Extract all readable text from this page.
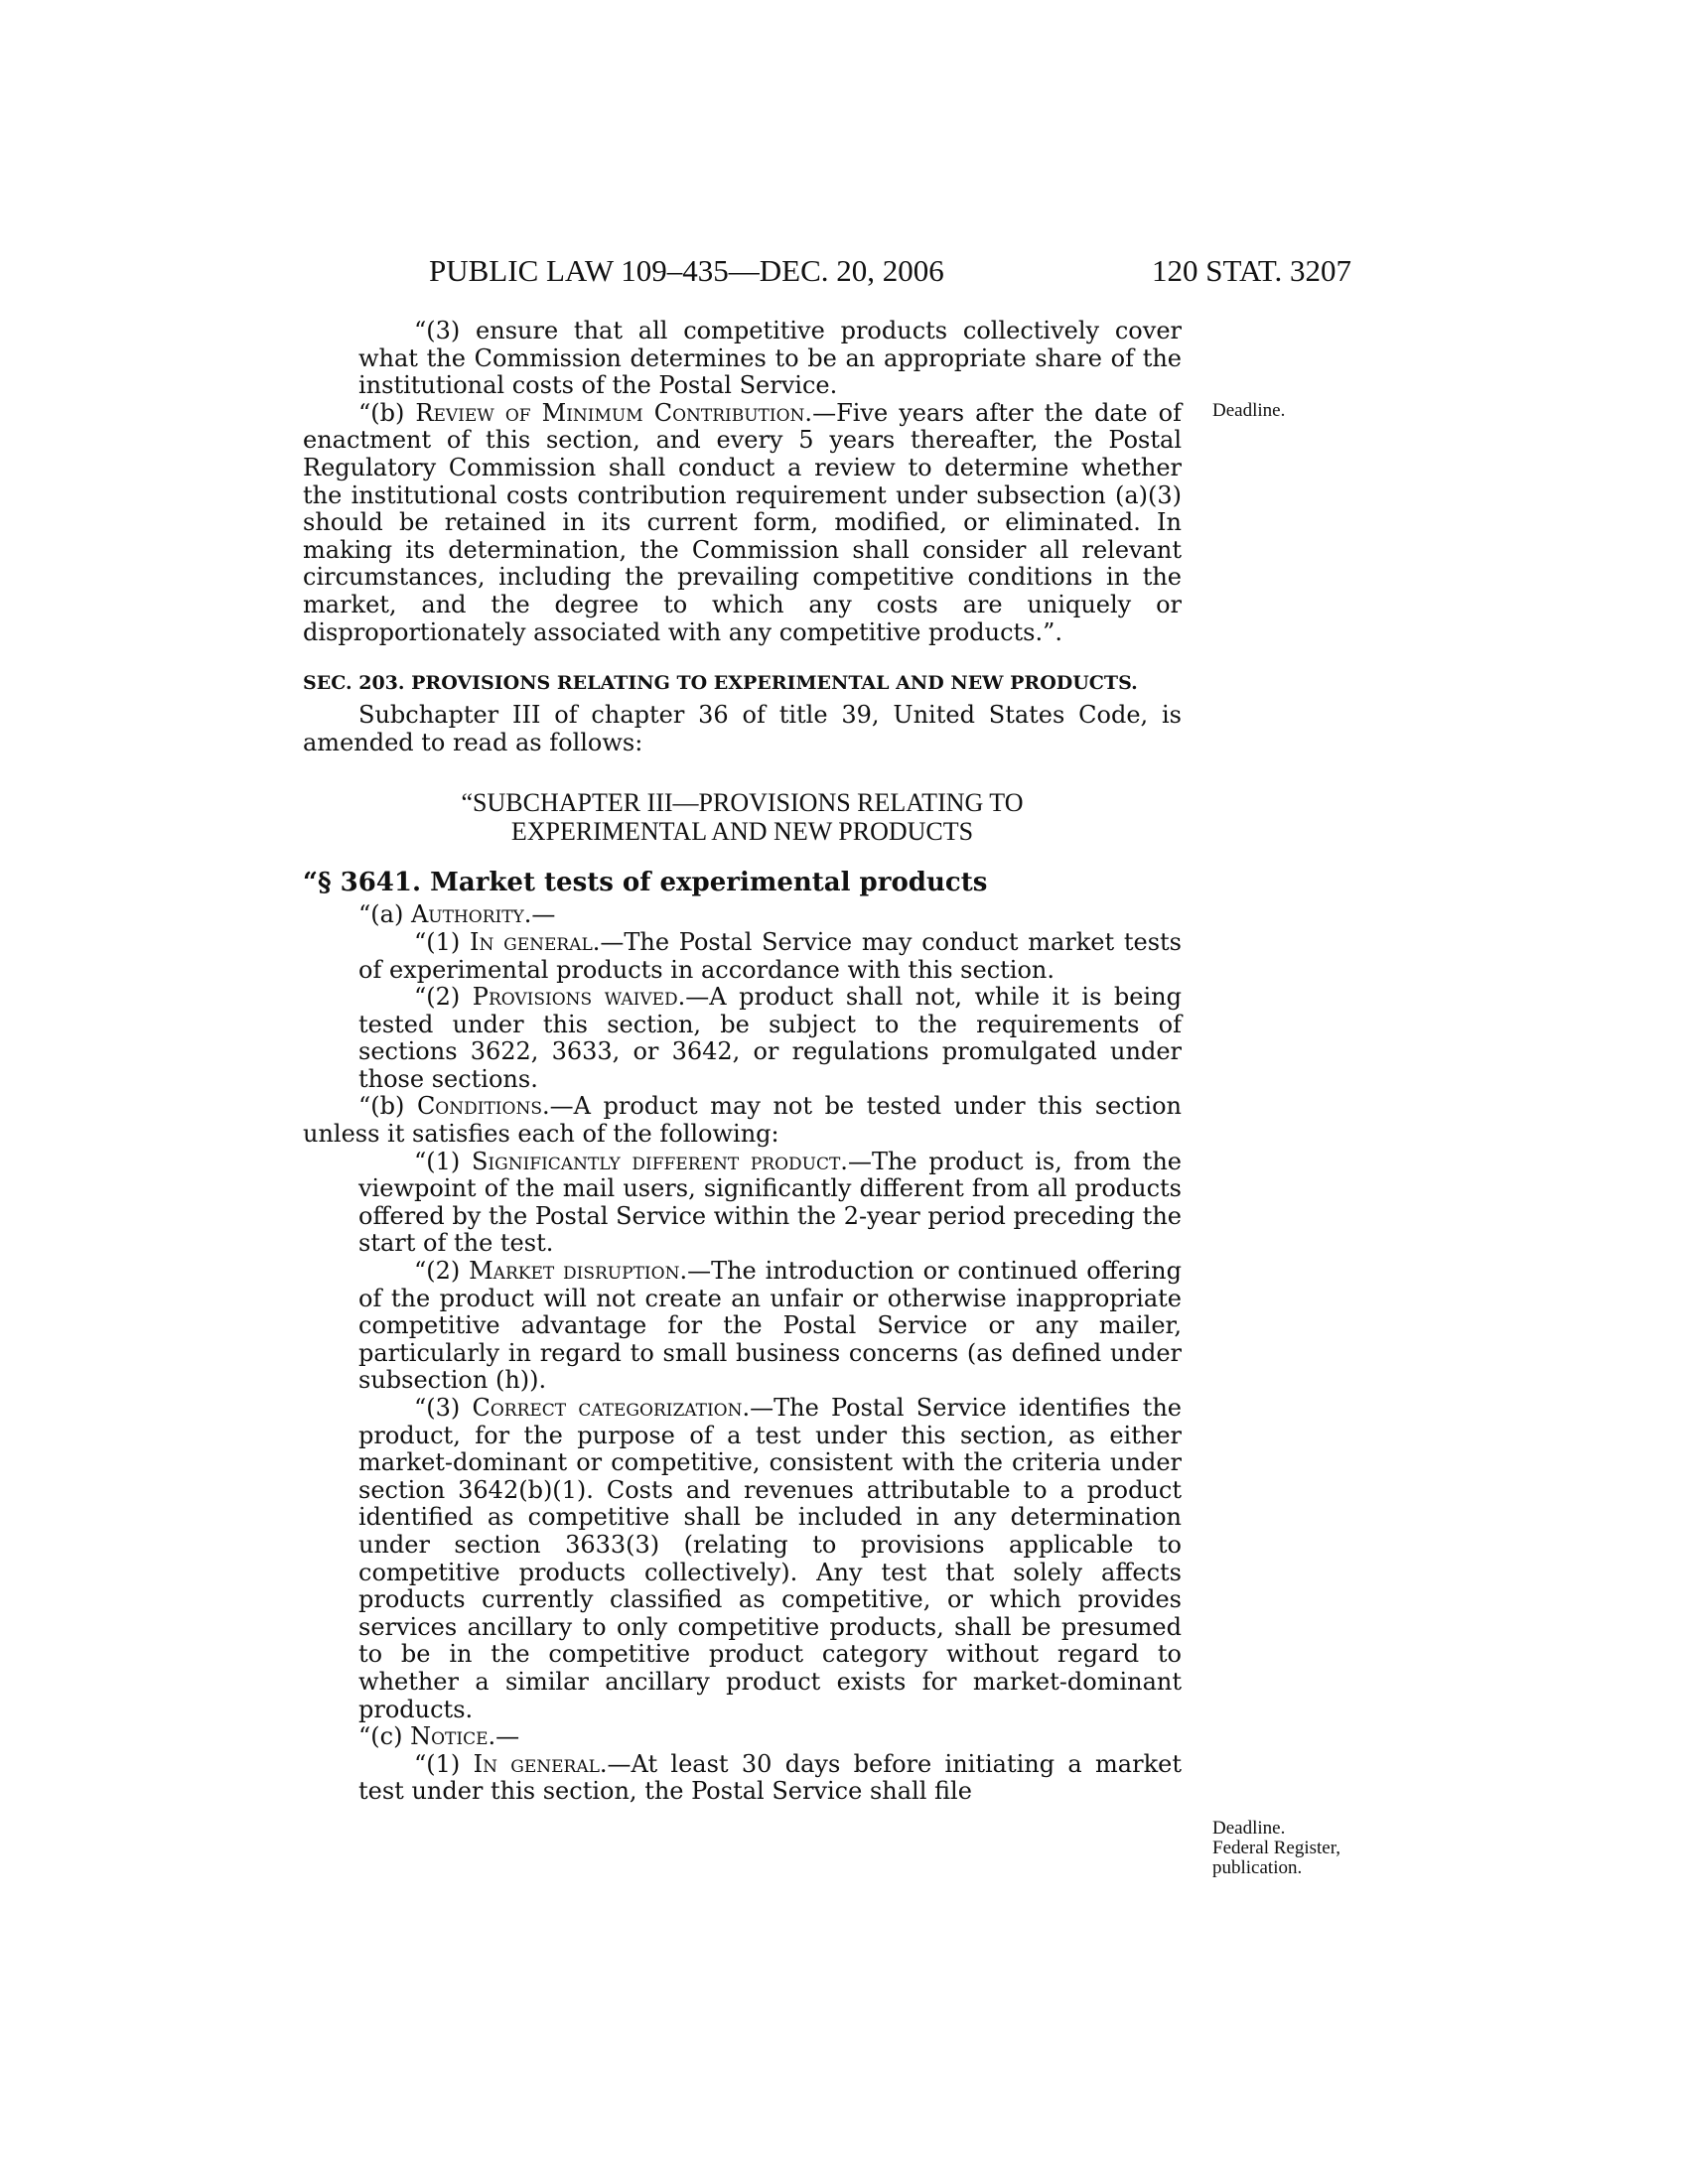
PUBLIC LAW 109–435—DEC. 20, 2006	120 STAT. 3207

“(3) ensure that all competitive products collectively cover what the Commission determines to be an appropriate share of the institutional costs of the Postal Service.

“(b) Review of Minimum Contribution.—Five years after the date of enactment of this section, and every 5 years thereafter, the Postal Regulatory Commission shall conduct a review to determine whether the institutional costs contribution requirement under subsection (a)(3) should be retained in its current form, modified, or eliminated. In making its determination, the Commission shall consider all relevant circumstances, including the prevailing competitive conditions in the market, and the degree to which any costs are uniquely or disproportionately associated with any competitive products.”.

SEC. 203. PROVISIONS RELATING TO EXPERIMENTAL AND NEW PRODUCTS.

Subchapter III of chapter 36 of title 39, United States Code, is amended to read as follows:

“SUBCHAPTER III—PROVISIONS RELATING TO
EXPERIMENTAL AND NEW PRODUCTS

“§ 3641. Market tests of experimental products

“(a) Authority.—

“(1) In general.—The Postal Service may conduct market tests of experimental products in accordance with this section.

“(2) Provisions waived.—A product shall not, while it is being tested under this section, be subject to the requirements of sections 3622, 3633, or 3642, or regulations promulgated under those sections.

“(b) Conditions.—A product may not be tested under this section unless it satisfies each of the following:

“(1) Significantly different product.—The product is, from the viewpoint of the mail users, significantly different from all products offered by the Postal Service within the 2-year period preceding the start of the test.

“(2) Market disruption.—The introduction or continued offering of the product will not create an unfair or otherwise inappropriate competitive advantage for the Postal Service or any mailer, particularly in regard to small business concerns (as defined under subsection (h)).

“(3) Correct categorization.—The Postal Service identifies the product, for the purpose of a test under this section, as either market-dominant or competitive, consistent with the criteria under section 3642(b)(1). Costs and revenues attributable to a product identified as competitive shall be included in any determination under section 3633(3) (relating to provisions applicable to competitive products collectively). Any test that solely affects products currently classified as competitive, or which provides services ancillary to only competitive products, shall be presumed to be in the competitive product category without regard to whether a similar ancillary product exists for market-dominant products.

“(c) Notice.—

“(1) In general.—At least 30 days before initiating a market test under this section, the Postal Service shall file

Deadline.
Deadline.
Federal Register,
publication.
